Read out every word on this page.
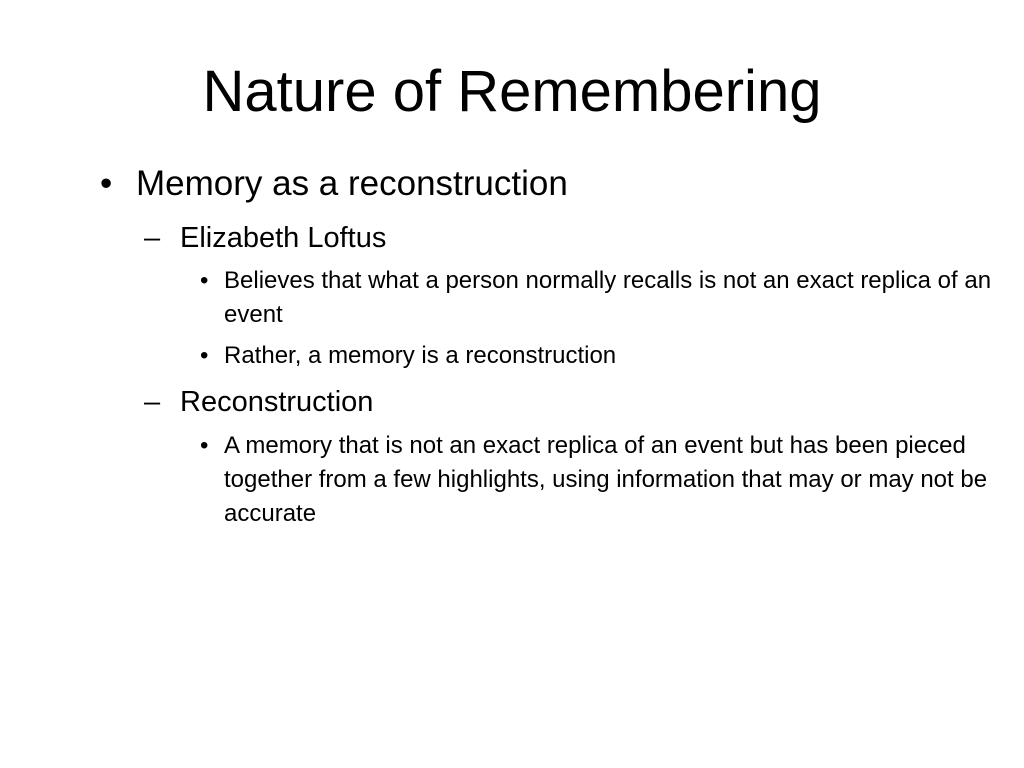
Nature of Remembering
• Memory as a reconstruction
– Elizabeth Loftus
• Believes that what a person normally recalls is not an exact replica of an event
• Rather, a memory is a reconstruction
– Reconstruction
• A memory that is not an exact replica of an event but has been pieced together from a few highlights, using information that may or may not be accurate
